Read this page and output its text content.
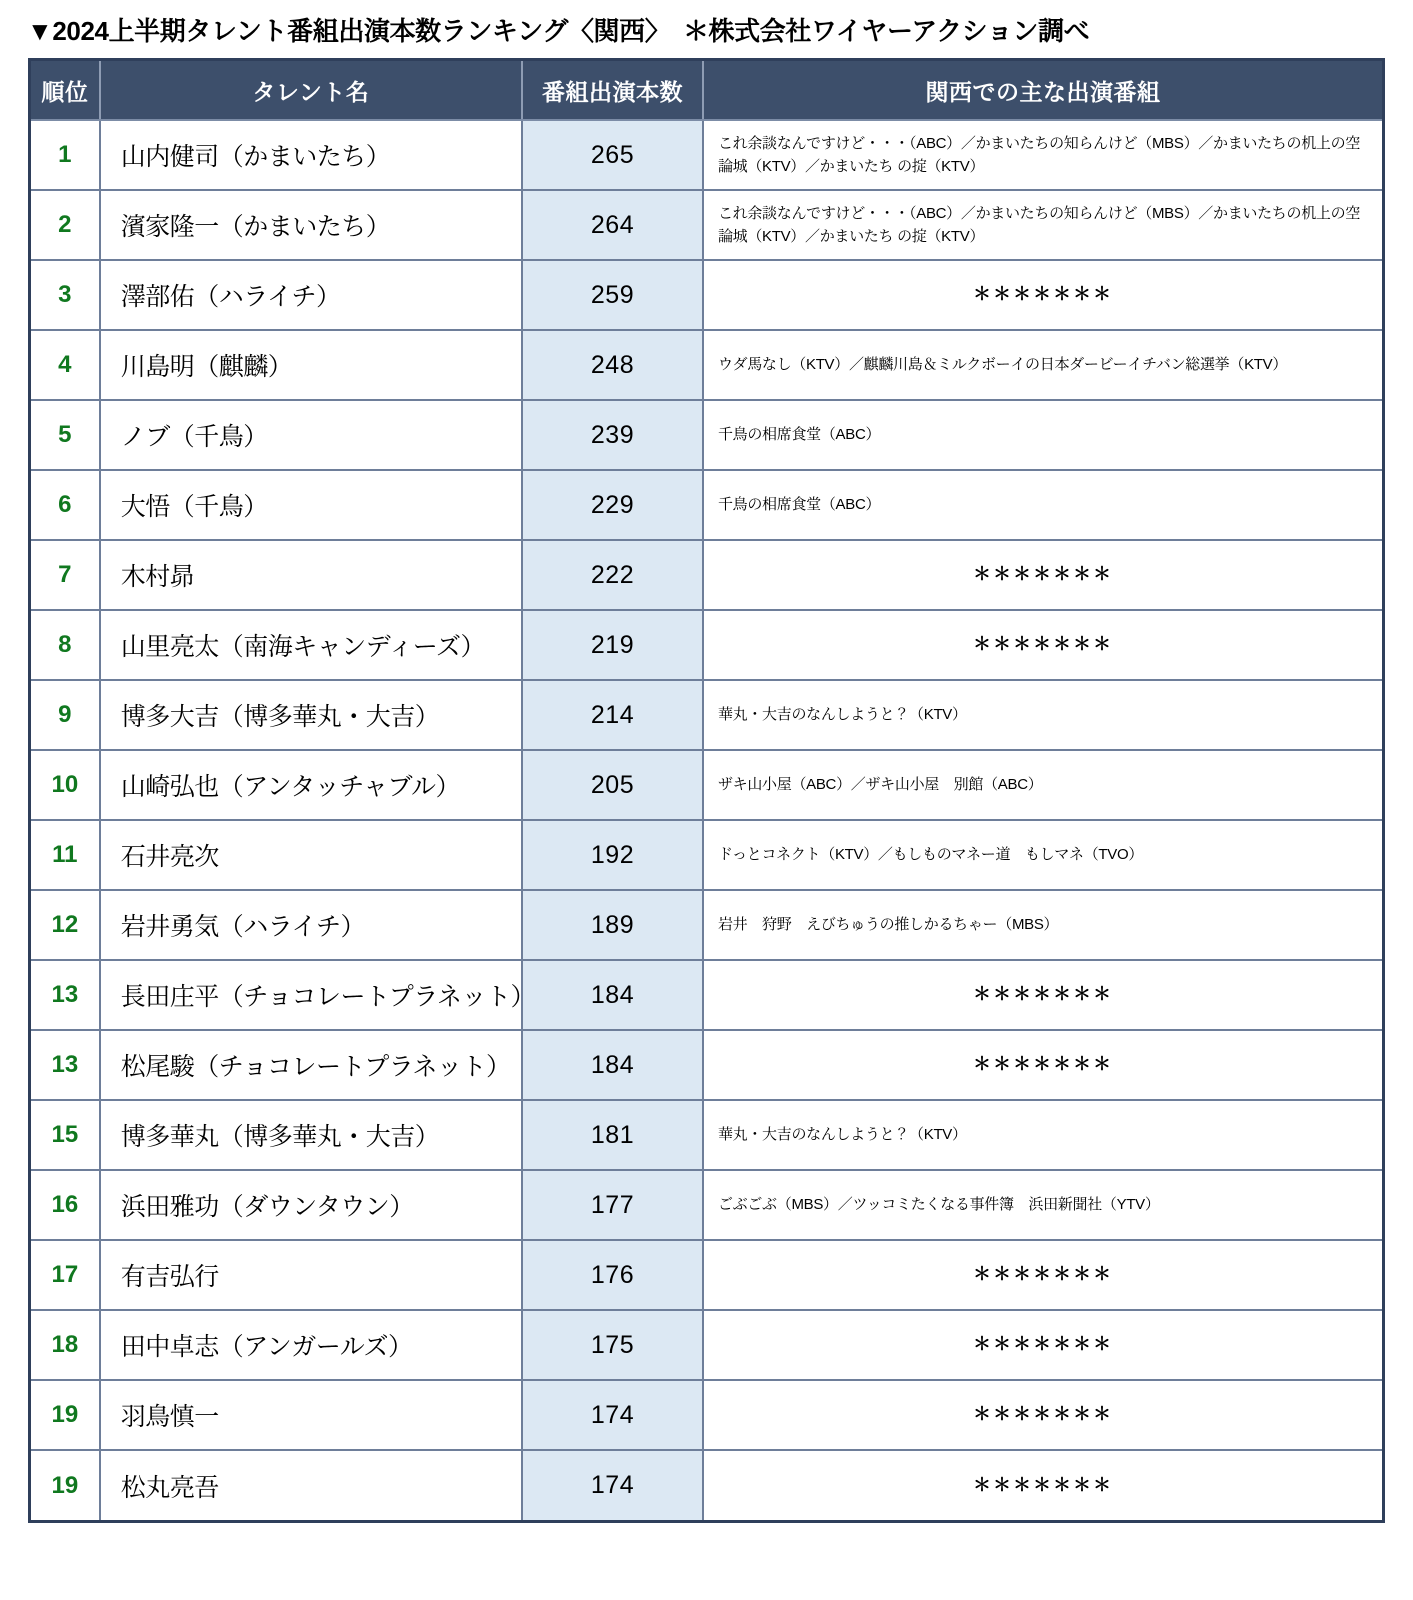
▼2024上半期タレント番組出演本数ランキング〈関西〉　＊株式会社ワイヤーアクション調べ
順位	タレント名	番組出演本数	関西での主な出演番組
1	山内健司（かまいたち）	265	これ余談なんですけど・・・（ABC）／かまいたちの知らんけど（MBS）／かまいたちの机上の空論城（KTV）／かまいたち の掟（KTV）
2	濱家隆一（かまいたち）	264	これ余談なんですけど・・・（ABC）／かまいたちの知らんけど（MBS）／かまいたちの机上の空論城（KTV）／かまいたち の掟（KTV）
3	澤部佑（ハライチ）	259	＊＊＊＊＊＊＊
4	川島明（麒麟）	248	ウダ馬なし（KTV）／麒麟川島＆ミルクボーイの日本ダービーイチバン総選挙（KTV）
5	ノブ（千鳥）	239	千鳥の相席食堂（ABC）
6	大悟（千鳥）	229	千鳥の相席食堂（ABC）
7	木村昴	222	＊＊＊＊＊＊＊
8	山里亮太（南海キャンディーズ）	219	＊＊＊＊＊＊＊
9	博多大吉（博多華丸・大吉）	214	華丸・大吉のなんしようと？（KTV）
10	山崎弘也（アンタッチャブル）	205	ザキ山小屋（ABC）／ザキ山小屋　別館（ABC）
11	石井亮次	192	ドっとコネクト（KTV）／もしものマネー道　もしマネ（TVO）
12	岩井勇気（ハライチ）	189	岩井　狩野　えびちゅうの推しかるちゃー（MBS）
13	長田庄平（チョコレートプラネット）	184	＊＊＊＊＊＊＊
13	松尾駿（チョコレートプラネット）	184	＊＊＊＊＊＊＊
15	博多華丸（博多華丸・大吉）	181	華丸・大吉のなんしようと？（KTV）
16	浜田雅功（ダウンタウン）	177	ごぶごぶ（MBS）／ツッコミたくなる事件簿　浜田新聞社（YTV）
17	有吉弘行	176	＊＊＊＊＊＊＊
18	田中卓志（アンガールズ）	175	＊＊＊＊＊＊＊
19	羽鳥慎一	174	＊＊＊＊＊＊＊
19	松丸亮吾	174	＊＊＊＊＊＊＊
